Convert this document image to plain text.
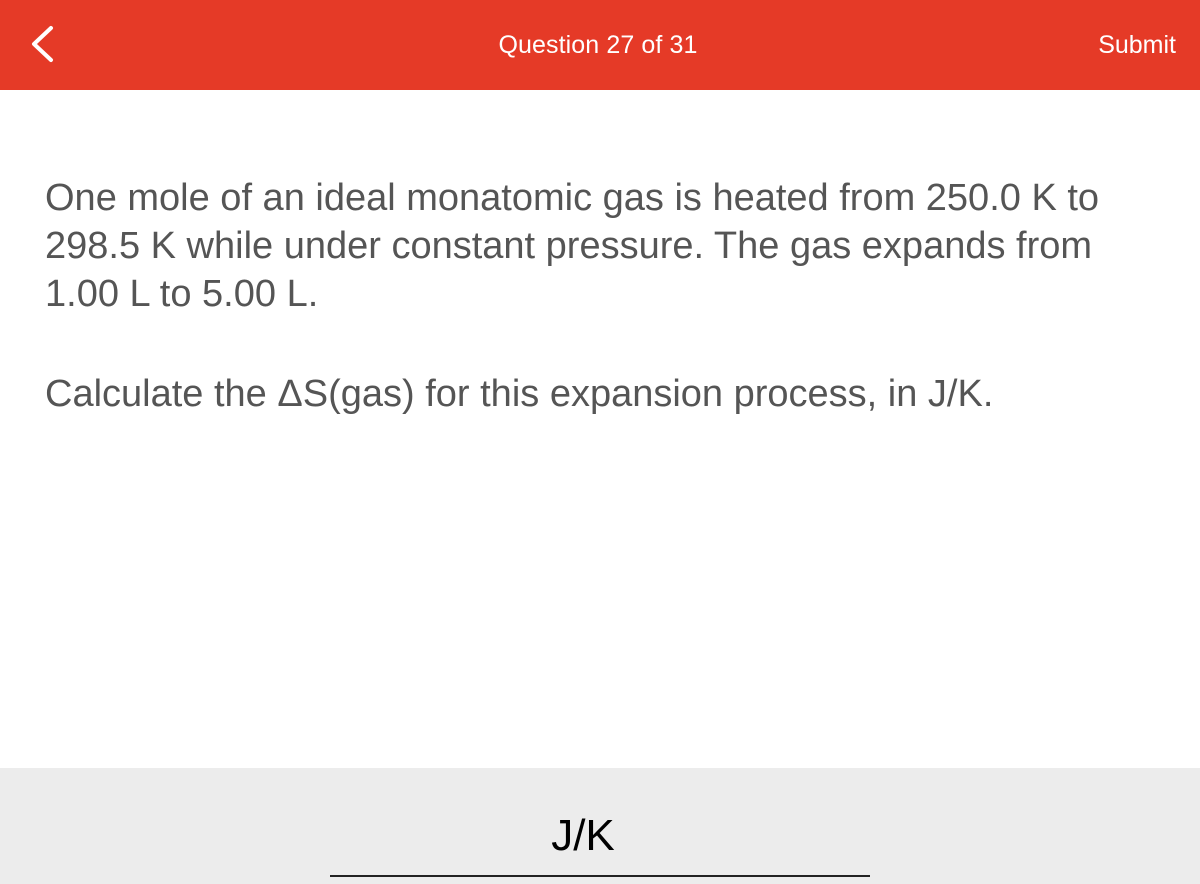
Question 27 of 31	Submit

One mole of an ideal monatomic gas is heated from 250.0 K to 298.5 K while under constant pressure. The gas expands from 1.00 L to 5.00 L.

Calculate the ΔS(gas) for this expansion process, in J/K.

J/K
